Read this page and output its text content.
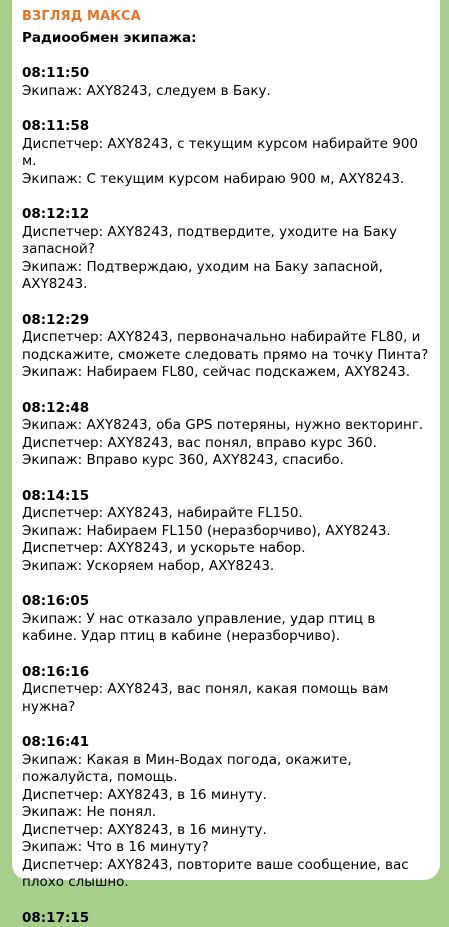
ВЗГЛЯД МАКСА
Радиообмен экипажа:
08:11:50
Экипаж: AXY8243, следуем в Баку.
08:11:58
Диспетчер: AXY8243, с текущим курсом набирайте 900 м.
Экипаж: С текущим курсом набираю 900 м, AXY8243.
08:12:12
Диспетчер: AXY8243, подтвердите, уходите на Баку запасной?
Экипаж: Подтверждаю, уходим на Баку запасной, AXY8243.
08:12:29
Диспетчер: AXY8243, первоначально набирайте FL80, и подскажите, сможете следовать прямо на точку Пинта?
Экипаж: Набираем FL80, сейчас подскажем, AXY8243.
08:12:48
Экипаж: AXY8243, оба GPS потеряны, нужно векторинг.
Диспетчер: AXY8243, вас понял, вправо курс 360.
Экипаж: Вправо курс 360, AXY8243, спасибо.
08:14:15
Диспетчер: AXY8243, набирайте FL150.
Экипаж: Набираем FL150 (неразборчиво), AXY8243.
Диспетчер: AXY8243, и ускорьте набор.
Экипаж: Ускоряем набор, AXY8243.
08:16:05
Экипаж: У нас отказало управление, удар птиц в кабине. Удар птиц в кабине (неразборчиво).
08:16:16
Диспетчер: AXY8243, вас понял, какая помощь вам нужна?
08:16:41
Экипаж: Какая в Мин-Водах погода, окажите, пожалуйста, помощь.
Диспетчер: AXY8243, в 16 минуту.
Экипаж: Не понял.
Диспетчер: AXY8243, в 16 минуту.
Экипаж: Что в 16 минуту?
Диспетчер: AXY8243, повторите ваше сообщение, вас плохо слышно.
08:17:15
